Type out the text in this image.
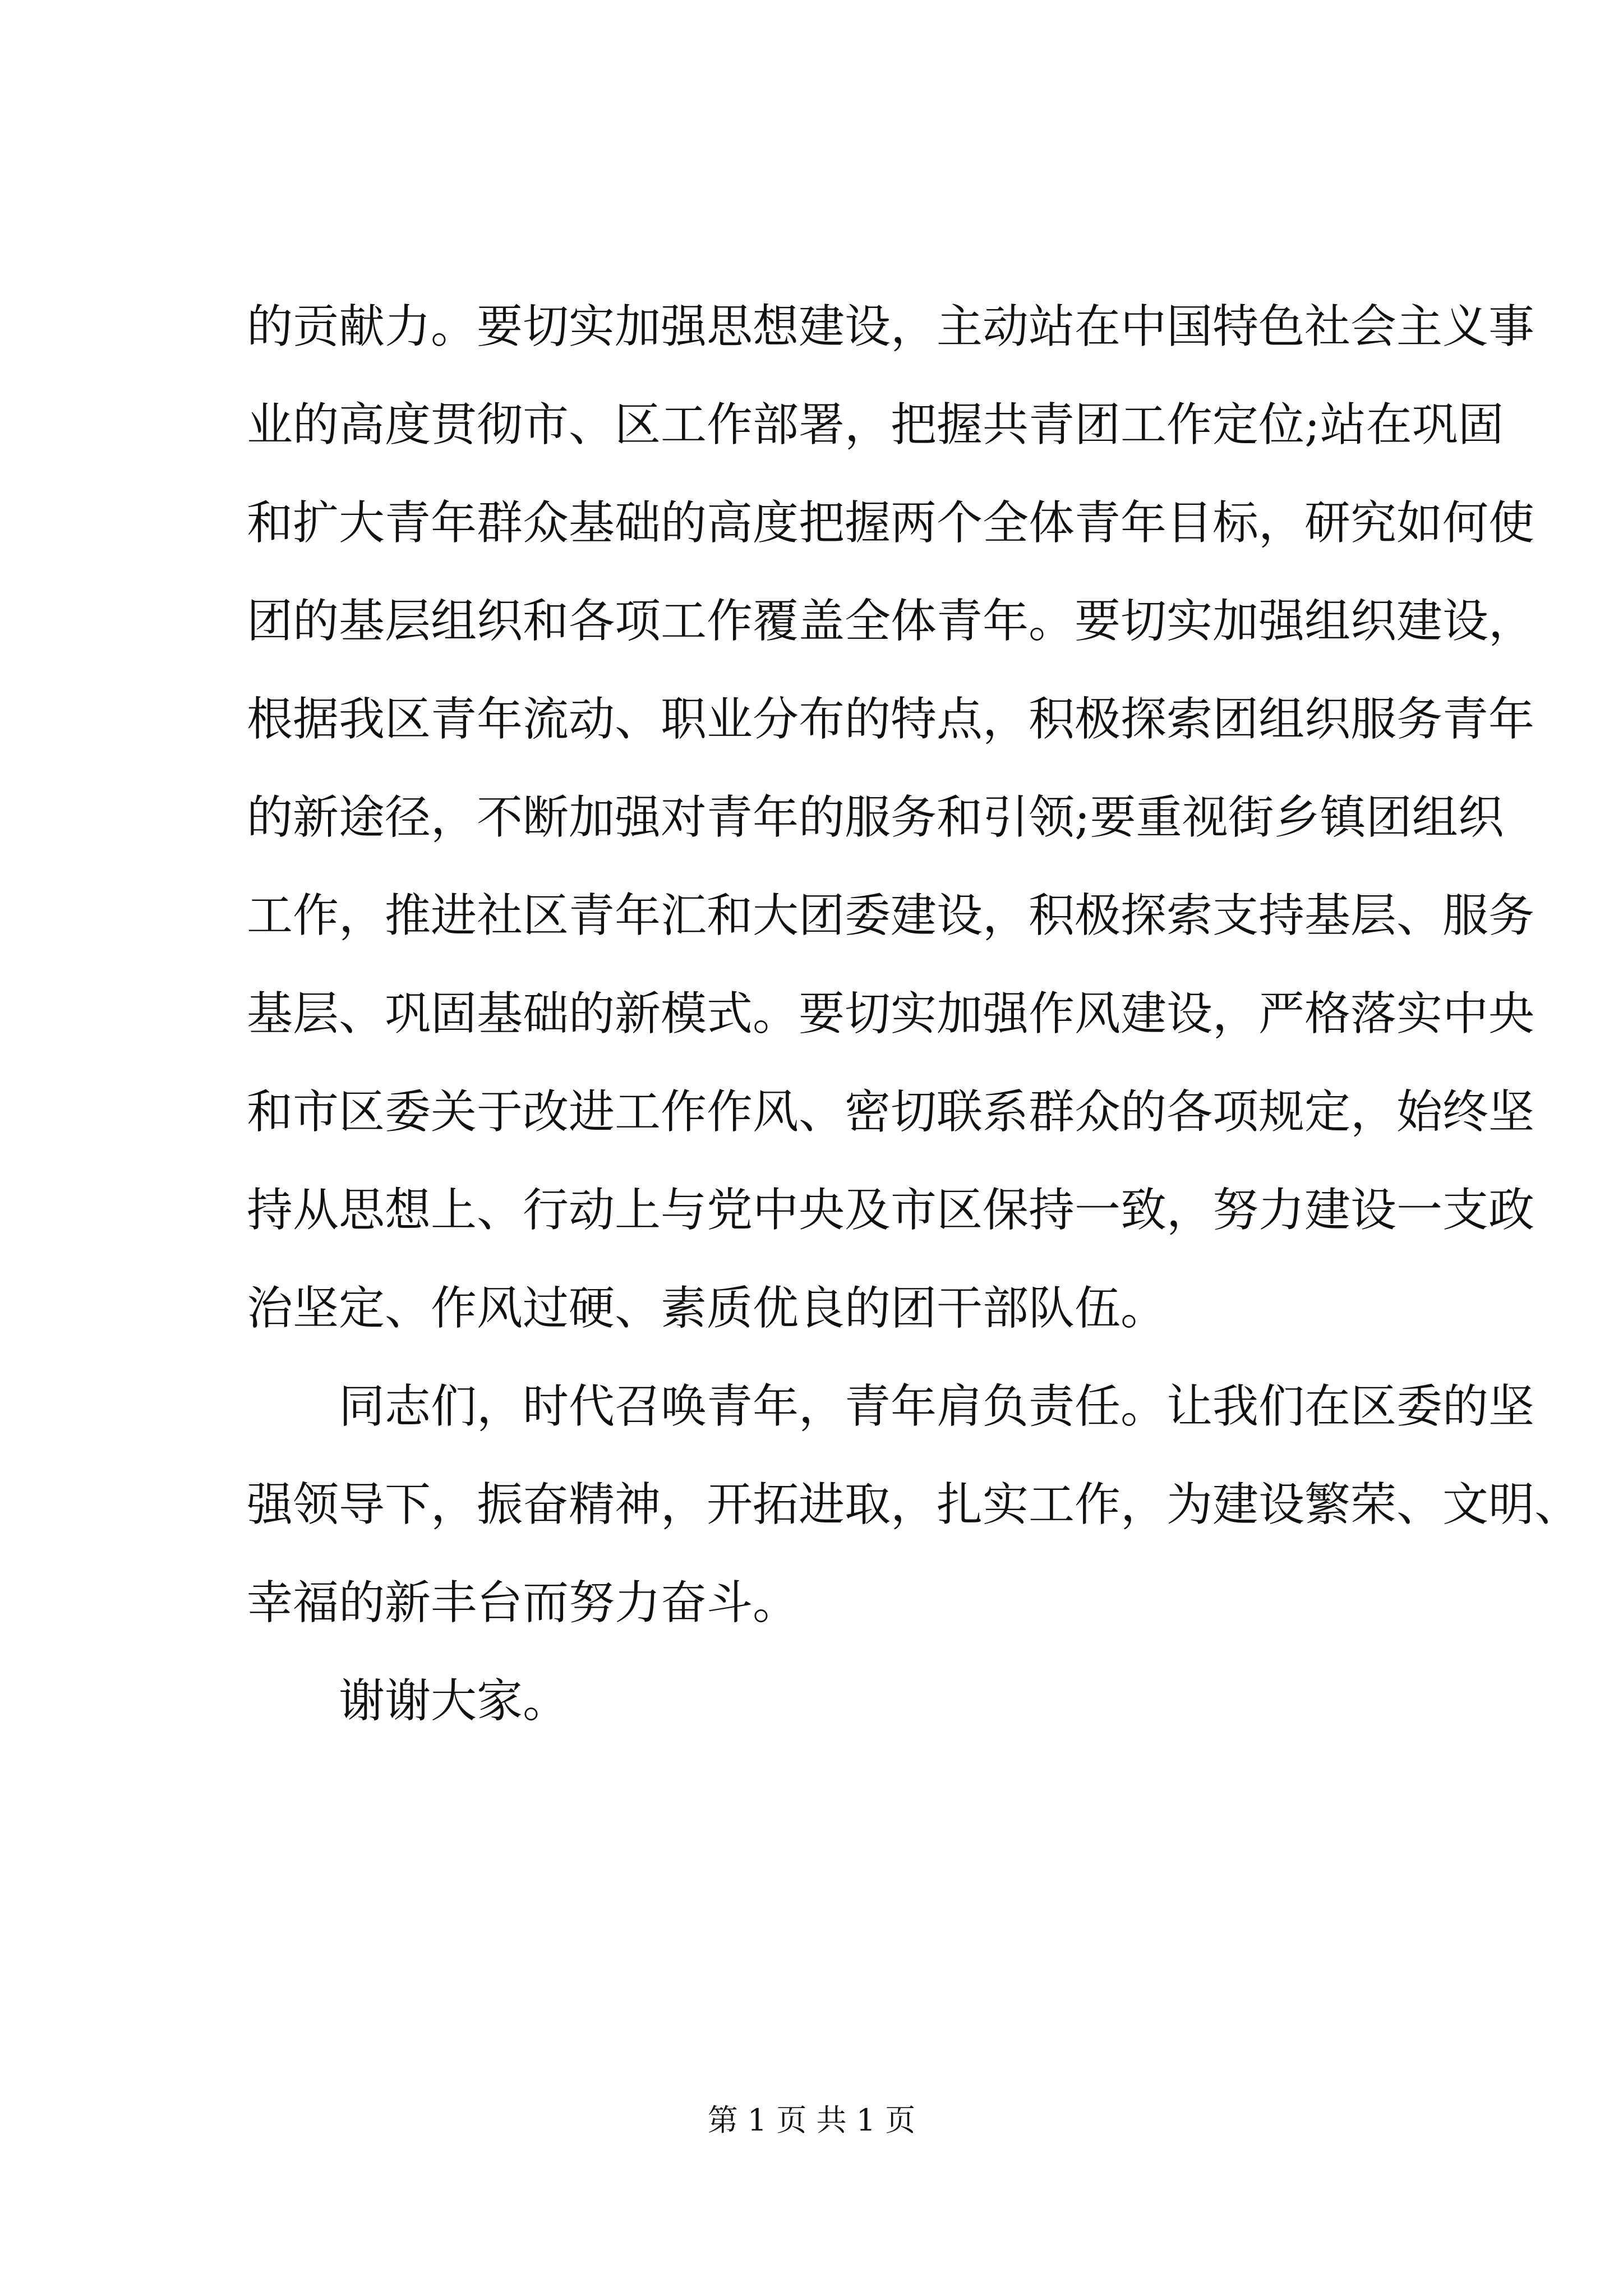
的贡献力。要切实加强思想建设，主动站在中国特色社会主义事
业的高度贯彻市、区工作部署，把握共青团工作定位;站在巩固
和扩大青年群众基础的高度把握两个全体青年目标，研究如何使
团的基层组织和各项工作覆盖全体青年。要切实加强组织建设，
根据我区青年流动、职业分布的特点，积极探索团组织服务青年
的新途径，不断加强对青年的服务和引领;要重视街乡镇团组织
工作，推进社区青年汇和大团委建设，积极探索支持基层、服务
基层、巩固基础的新模式。要切实加强作风建设，严格落实中央
和市区委关于改进工作作风、密切联系群众的各项规定，始终坚
持从思想上、行动上与党中央及市区保持一致，努力建设一支政
治坚定、作风过硬、素质优良的团干部队伍。
同志们，时代召唤青年，青年肩负责任。让我们在区委的坚
强领导下，振奋精神，开拓进取，扎实工作，为建设繁荣、文明、
幸福的新丰台而努力奋斗。
谢谢大家。
第 1 页 共 1 页
